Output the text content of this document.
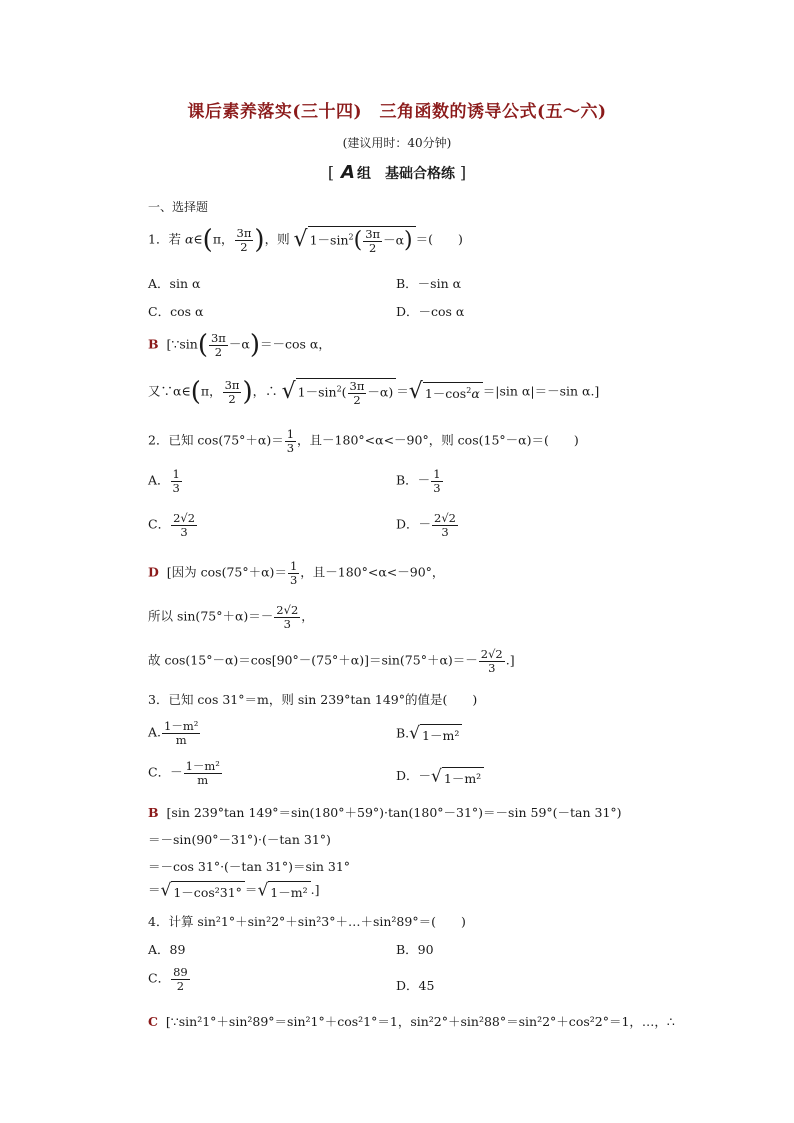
课后素养落实(三十四)　三角函数的诱导公式(五～六)
(建议用时：40分钟)
[ A 组　基础合格练 ]
一、选择题
1．若 α∈(π， $\frac{3\pi}{2}$ )，则 √ $1-\sin^2( \frac{3\pi}{2} -\alpha)$ ＝(　　)
A．sin α	B．－sin α
C．cos α	D．－cos α
B [∵sin( $\frac{3\pi}{2} -\alpha)=-\cos$ α，
又∵α∈(π， $\frac{3\pi}{2}$ )，∴ √ $1-\sin^2( \frac{3\pi}{2} -\alpha)$ ＝√ $1-\cos^2\alpha =|\sin$ α|＝－sin α.]
2．已知 $\cos(75^\circ+\alpha)= \frac{1}{3}$ ，且－180°<α<－90°，则 cos(15°－α)＝(　　)
A． $\frac{1}{3}$	B．－ $\frac{1}{3}$
C． $\frac{2√2}{3}$	D．－ $\frac{2√2}{3}$
D [因为 $\cos(75^\circ+\alpha)= \frac{1}{3}$ ，且－180°<α<－90°，
所以 $\sin(75^\circ+\alpha)=- \frac{2√2}{3}$ ，
故 $\cos(15^\circ-\alpha)=\cos[90^\circ-(75^\circ+\alpha)]=\sin(75^\circ+\alpha)=- \frac{2√2}{3}$ .]
3．已知 cos 31°＝m，则 sin 239°tan 149°的值是(　　)
A. $\frac{\text{1－m²}}{m}$	B.√ 1－m²
C．－ $\frac{\text{1－m²}}{m}$	D．－√ 1－m²
B [sin 239°tan 149°＝sin(180°＋59°)·tan(180°－31°)＝－sin 59°(－tan 31°)
＝－sin(90°－31°)·(－tan 31°)
＝－cos 31°·(－tan 31°)＝sin 31°
＝√ 1－cos²31° ＝√ 1－m² .]
4．计算 sin²1°＋sin²2°＋sin²3°＋…＋sin²89°＝(　　)
A．89	B．90
C． $\frac{89}{2}$	D．45
C [∵sin²1°＋sin²89°＝sin²1°＋cos²1°＝1，sin²2°＋sin²88°＝sin²2°＋cos²2°＝1，…，∴
